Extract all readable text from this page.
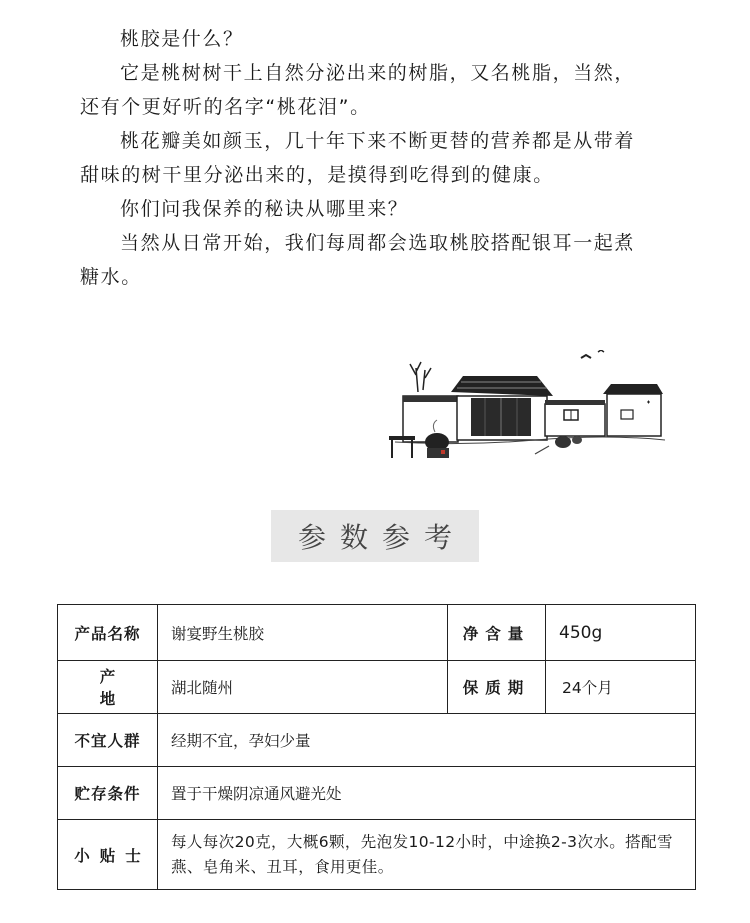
桃胶是什么？

它是桃树树干上自然分泌出来的树脂，又名桃脂，当然，

还有个更好听的名字“桃花泪”。

桃花瓣美如颜玉，几十年下来不断更替的营养都是从带着

甜味的树干里分泌出来的，是摸得到吃得到的健康。

你们问我保养的秘诀从哪里来？

当然从日常开始，我们每周都会选取桃胶搭配银耳一起煮

糖水。

参数参考
产品名称	谢宴野生桃胶	净含量	450g
产地	湖北随州	保质期	24个月
不宜人群	经期不宜，孕妇少量		
贮存条件	置于干燥阴凉通风避光处		
小贴士	每人每次20克，大概6颗，先泡发10-12小时，中途换2-3次水。搭配雪燕、皂角米、丑耳，食用更佳。		
